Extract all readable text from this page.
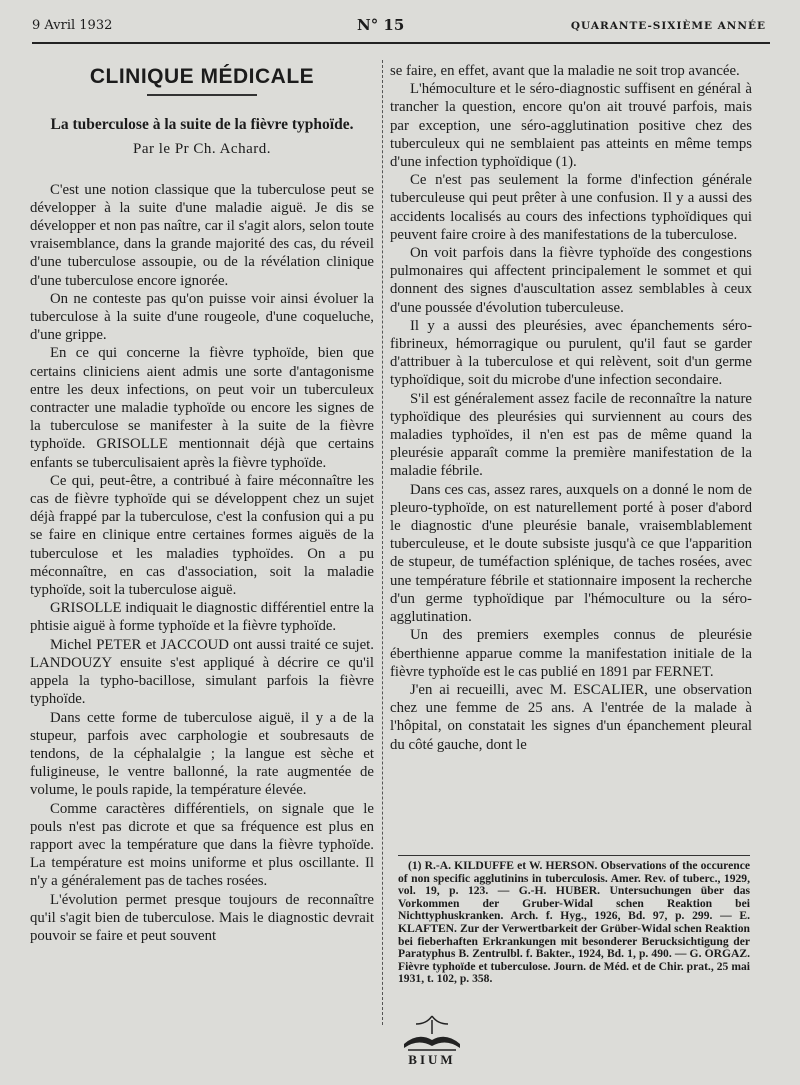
9 Avril 1932	N° 15	QUARANTE-SIXIÈME ANNÉE
CLINIQUE MÉDICALE
La tuberculose à la suite de la fièvre typhoïde.
Par le Pr Ch. Achard.

C'est une notion classique que la tuberculose peut se développer à la suite d'une maladie aiguë. Je dis se développer et non pas naître, car il s'agit alors, selon toute vraisemblance, dans la grande majorité des cas, du réveil d'une tuberculose assoupie, ou de la révélation clinique d'une tuberculose encore ignorée.

On ne conteste pas qu'on puisse voir ainsi évoluer la tuberculose à la suite d'une rougeole, d'une coqueluche, d'une grippe.

En ce qui concerne la fièvre typhoïde, bien que certains cliniciens aient admis une sorte d'antagonisme entre les deux infections, on peut voir un tuberculeux contracter une maladie typhoïde ou encore les signes de la tuberculose se manifester à la suite de la fièvre typhoïde. GRISOLLE mentionnait déjà que certains enfants se tuberculisaient après la fièvre typhoïde.

Ce qui, peut-être, a contribué à faire méconnaître les cas de fièvre typhoïde qui se développent chez un sujet déjà frappé par la tuberculose, c'est la confusion qui a pu se faire en clinique entre certaines formes aiguës de la tuberculose et les maladies typhoïdes. On a pu méconnaître, en cas d'association, soit la maladie typhoïde, soit la tuberculose aiguë.

GRISOLLE indiquait le diagnostic différentiel entre la phtisie aiguë à forme typhoïde et la fièvre typhoïde.

Michel PETER et JACCOUD ont aussi traité ce sujet. LANDOUZY ensuite s'est appliqué à décrire ce qu'il appela la typho-bacillose, simulant parfois la fièvre typhoïde.

Dans cette forme de tuberculose aiguë, il y a de la stupeur, parfois avec carphologie et soubresauts de tendons, de la céphalalgie ; la langue est sèche et fuligineuse, le ventre ballonné, la rate augmentée de volume, le pouls rapide, la température élevée.

Comme caractères différentiels, on signale que le pouls n'est pas dicrote et que sa fréquence est plus en rapport avec la température que dans la fièvre typhoïde. La température est moins uniforme et plus oscillante. Il n'y a généralement pas de taches rosées.

L'évolution permet presque toujours de reconnaître qu'il s'agit bien de tuberculose. Mais le diagnostic devrait pouvoir se faire et peut souvent

se faire, en effet, avant que la maladie ne soit trop avancée.

L'hémoculture et le séro-diagnostic suffisent en général à trancher la question, encore qu'on ait trouvé parfois, mais par exception, une séro-agglutination positive chez des tuberculeux qui ne semblaient pas atteints en même temps d'une infection typhoïdique (1).

Ce n'est pas seulement la forme d'infection générale tuberculeuse qui peut prêter à une confusion. Il y a aussi des accidents localisés au cours des infections typhoïdiques qui peuvent faire croire à des manifestations de la tuberculose.

On voit parfois dans la fièvre typhoïde des congestions pulmonaires qui affectent principalement le sommet et qui donnent des signes d'auscultation assez semblables à ceux d'une poussée d'évolution tuberculeuse.

Il y a aussi des pleurésies, avec épanchements séro-fibrineux, hémorragique ou purulent, qu'il faut se garder d'attribuer à la tuberculose et qui relèvent, soit d'un germe typhoïdique, soit du microbe d'une infection secondaire.

S'il est généralement assez facile de reconnaître la nature typhoïdique des pleurésies qui surviennent au cours des maladies typhoïdes, il n'en est pas de même quand la pleurésie apparaît comme la première manifestation de la maladie fébrile.

Dans ces cas, assez rares, auxquels on a donné le nom de pleuro-typhoïde, on est naturellement porté à poser d'abord le diagnostic d'une pleurésie banale, vraisemblablement tuberculeuse, et le doute subsiste jusqu'à ce que l'apparition de stupeur, de tuméfaction splénique, de taches rosées, avec une température fébrile et stationnaire imposent la recherche d'un germe typhoïdique par l'hémoculture ou la séro-agglutination.

Un des premiers exemples connus de pleurésie éberthienne apparue comme la manifestation initiale de la fièvre typhoïde est le cas publié en 1891 par FERNET.

J'en ai recueilli, avec M. ESCALIER, une observation chez une femme de 25 ans. A l'entrée de la malade à l'hôpital, on constatait les signes d'un épanchement pleural du côté gauche, dont le

(1) R.-A. KILDUFFE et W. HERSON. Observations of the occurence of non specific agglutinins in tuberculosis. Amer. Rev. of tuberc., 1929, vol. 19, p. 123. — G.-H. HUBER. Untersuchungen über das Vorkommen der Gruber-Widal schen Reaktion bei Nichttyphuskranken. Arch. f. Hyg., 1926, Bd. 97, p. 299. — E. KLAFTEN. Zur der Verwertbarkeit der Grüber-Widal schen Reaktion bei fieberhaften Erkrankungen mit besonderer Berucksichtigung der Paratyphus B. Zentrulbl. f. Bakter., 1924, Bd. 1, p. 490. — G. ORGAZ. Fièvre typhoïde et tuberculose. Journ. de Méd. et de Chir. prat., 25 mai 1931, t. 102, p. 358.

BIUM
